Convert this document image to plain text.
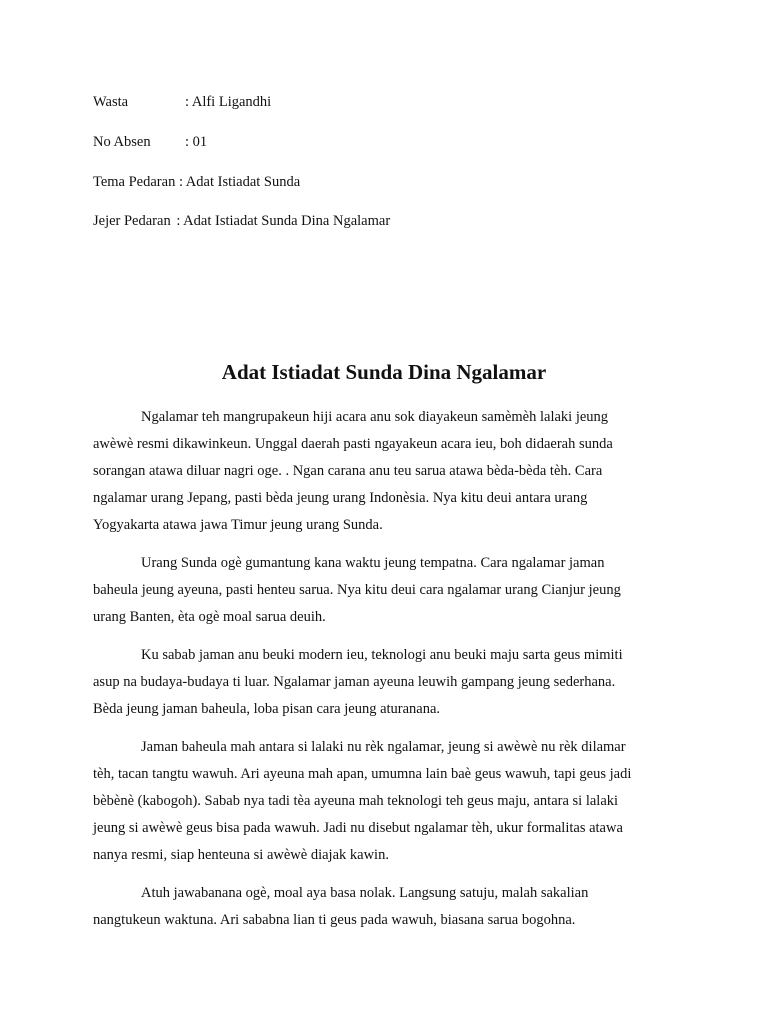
Wasta	: Alfi Ligandhi
No Absen : 01
Tema Pedaran : Adat Istiadat Sunda
Jejer Pedaran : Adat Istiadat Sunda Dina Ngalamar
Adat Istiadat Sunda Dina Ngalamar
Ngalamar teh mangrupakeun hiji acara anu sok diayakeun samèmèh lalaki jeung
awèwè resmi dikawinkeun. Unggal daerah pasti ngayakeun acara ieu, boh didaerah sunda
sorangan atawa diluar nagri oge. . Ngan carana anu teu sarua atawa bèda-bèda tèh. Cara
ngalamar urang Jepang, pasti bèda jeung urang Indonèsia. Nya kitu deui antara urang
Yogyakarta atawa jawa Timur jeung urang Sunda.
Urang Sunda ogè gumantung kana waktu jeung tempatna. Cara ngalamar jaman
baheula jeung ayeuna, pasti henteu sarua. Nya kitu deui cara ngalamar urang Cianjur jeung
urang Banten, èta ogè moal sarua deuih.
Ku sabab jaman anu beuki modern ieu, teknologi anu beuki maju sarta geus mimiti
asup na budaya-budaya ti luar. Ngalamar jaman ayeuna leuwih gampang jeung sederhana.
Bèda jeung jaman baheula, loba pisan cara jeung aturanana.
Jaman baheula mah antara si lalaki nu rèk ngalamar, jeung si awèwè nu rèk dilamar
tèh, tacan tangtu wawuh. Ari ayeuna mah apan, umumna lain baè geus wawuh, tapi geus jadi
bèbènè (kabogoh). Sabab nya tadi tèa ayeuna mah teknologi teh geus maju, antara si lalaki
jeung si awèwè geus bisa pada wawuh. Jadi nu disebut ngalamar tèh, ukur formalitas atawa
nanya resmi, siap henteuna si awèwè diajak kawin.
Atuh jawabanana ogè, moal aya basa nolak. Langsung satuju, malah sakalian
nangtukeun waktuna. Ari sababna lian ti geus pada wawuh, biasana sarua bogohna.
